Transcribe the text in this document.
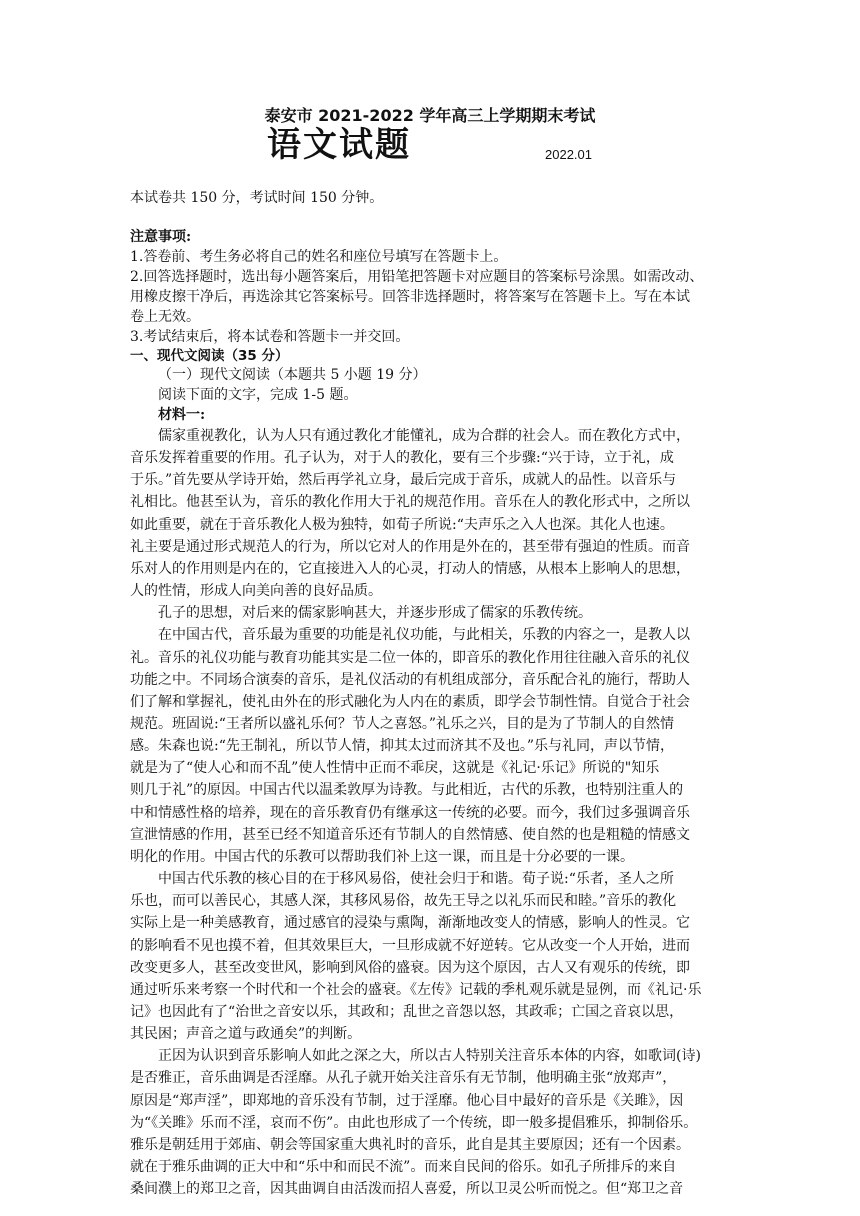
泰安市 2021-2022 学年高三上学期期末考试
语文试题	2022.01
本试卷共 150 分，考试时间 150 分钟。
注意事项:
1.答卷前、考生务必将自己的姓名和座位号填写在答题卡上。
2.回答选择题时，选出每小题答案后，用铅笔把答题卡对应题目的答案标号涂黑。如需改动、
用橡皮擦干净后，再选涂其它答案标号。回答非选择题时，将答案写在答题卡上。写在本试
卷上无效。
3.考试结束后，将本试卷和答题卡一并交回。
一、现代文阅读（35 分）
（一）现代文阅读（本题共 5 小题 19 分）
阅读下面的文字，完成 1-5 题。
材料一:
　　儒家重视教化，认为人只有通过教化才能懂礼，成为合群的社会人。而在教化方式中，
音乐发挥着重要的作用。孔子认为，对于人的教化，要有三个步骤:“兴于诗，立于礼，成
于乐。”首先要从学诗开始，然后再学礼立身，最后完成于音乐，成就人的品性。以音乐与
礼相比。他甚至认为，音乐的教化作用大于礼的规范作用。音乐在人的教化形式中，之所以
如此重要，就在于音乐教化人极为独特，如荀子所说:“夫声乐之入人也深。其化人也速。
礼主要是通过形式规范人的行为，所以它对人的作用是外在的，甚至带有强迫的性质。而音
乐对人的作用则是内在的，它直接进入人的心灵，打动人的情感，从根本上影响人的思想，
人的性情，形成人向美向善的良好品质。
　　孔子的思想，对后来的儒家影响甚大，并逐步形成了儒家的乐教传统。
　　在中国古代，音乐最为重要的功能是礼仪功能，与此相关，乐教的内容之一，是教人以
礼。音乐的礼仪功能与教育功能其实是二位一体的，即音乐的教化作用往往融入音乐的礼仪
功能之中。不同场合演奏的音乐，是礼仪活动的有机组成部分，音乐配合礼的施行，帮助人
们了解和掌握礼，使礼由外在的形式融化为人内在的素质，即学会节制性情。自觉合于社会
规范。班固说:“王者所以盛礼乐何？节人之喜怒。”礼乐之兴，目的是为了节制人的自然情
感。朱森也说:“先王制礼，所以节人情，抑其太过而济其不及也。”乐与礼同，声以节情，
就是为了“使人心和而不乱”使人性情中正而不乖戾，这就是《礼记·乐记》所说的"知乐
则几于礼”的原因。中国古代以温柔敦厚为诗教。与此相近，古代的乐教，也特别注重人的
中和情感性格的培养，现在的音乐教育仍有继承这一传统的必要。而今，我们过多强调音乐
宣泄情感的作用，甚至已经不知道音乐还有节制人的自然情感、使自然的也是粗糙的情感文
明化的作用。中国古代的乐教可以帮助我们补上这一课，而且是十分必要的一课。
　　中国古代乐教的核心目的在于移风易俗，使社会归于和谐。荀子说:“乐者，圣人之所
乐也，而可以善民心，其感人深，其移风易俗，故先王导之以礼乐而民和睦。”音乐的教化
实际上是一种美感教育，通过感官的浸染与熏陶，渐渐地改变人的情感，影响人的性灵。它
的影响看不见也摸不着，但其效果巨大，一旦形成就不好逆转。它从改变一个人开始，进而
改变更多人，甚至改变世风，影响到风俗的盛衰。因为这个原因，古人又有观乐的传统，即
通过听乐来考察一个时代和一个社会的盛衰。《左传》记载的季札观乐就是显例，而《礼记·乐
记》也因此有了“治世之音安以乐，其政和；乱世之音怨以怒，其政乖；亡国之音哀以思，
其民困；声音之道与政通矣”的判断。
　　正因为认识到音乐影响人如此之深之大，所以古人特别关注音乐本体的内容，如歌词(诗)
是否雅正，音乐曲调是否淫靡。从孔子就开始关注音乐有无节制，他明确主张“放郑声”，
原因是“郑声淫”，即郑地的音乐没有节制，过于淫靡。他心目中最好的音乐是《关雎》，因
为“《关雎》乐而不淫，哀而不伤”。由此也形成了一个传统，即一般多提倡雅乐，抑制俗乐。
雅乐是朝廷用于郊庙、朝会等国家重大典礼时的音乐，此自是其主要原因；还有一个因素。
就在于雅乐曲调的正大中和“乐中和而民不流”。而来自民间的俗乐。如孔子所排斥的来自
桑间濮上的郑卫之音，因其曲调自由活泼而招人喜爱，所以卫灵公听而悦之。但“郑卫之音
